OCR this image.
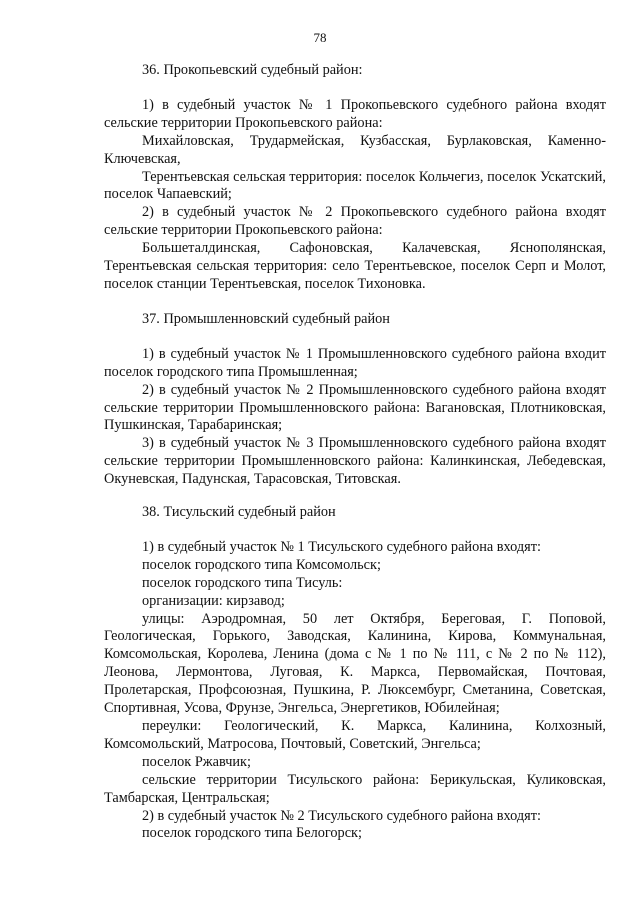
78

36. Прокопьевский судебный район:

1) в судебный участок № 1 Прокопьевского судебного района входят сельские территории Прокопьевского района:

Михайловская, Трудармейская, Кузбасская, Бурлаковская, Каменно-Ключевская,

Терентьевская сельская территория: поселок Кольчегиз, поселок Ускатский, поселок Чапаевский;

2) в судебный участок № 2 Прокопьевского судебного района входят сельские территории Прокопьевского района:

Большеталдинская, Сафоновская, Калачевская, Яснополянская, Терентьевская сельская территория: село Терентьевское, поселок Серп и Молот, поселок станции Терентьевская, поселок Тихоновка.

37. Промышленновский судебный район

1) в судебный участок № 1 Промышленновского судебного района входит поселок городского типа Промышленная;

2) в судебный участок № 2 Промышленновского судебного района входят сельские территории Промышленновского района: Вагановская, Плотниковская, Пушкинская, Тарабаринская;

3) в судебный участок № 3 Промышленновского судебного района входят сельские территории Промышленновского района: Калинкинская, Лебедевская, Окуневская, Падунская, Тарасовская, Титовская.

38. Тисульский судебный район

1) в судебный участок № 1 Тисульского судебного района входят:

поселок городского типа Комсомольск;

поселок городского типа Тисуль:

организации: кирзавод;

улицы: Аэродромная, 50 лет Октября, Береговая, Г. Поповой, Геологическая, Горького, Заводская, Калинина, Кирова, Коммунальная, Комсомольская, Королева, Ленина (дома с № 1 по № 111, с № 2 по № 112), Леонова, Лермонтова, Луговая, К. Маркса, Первомайская, Почтовая, Пролетарская, Профсоюзная, Пушкина, Р. Люксембург, Сметанина, Советская, Спортивная, Усова, Фрунзе, Энгельса, Энергетиков, Юбилейная;

переулки: Геологический, К. Маркса, Калинина, Колхозный, Комсомольский, Матросова, Почтовый, Советский, Энгельса;

поселок Ржавчик;

сельские территории Тисульского района: Берикульская, Куликовская, Тамбарская, Центральская;

2) в судебный участок № 2 Тисульского судебного района входят:

поселок городского типа Белогорск;
